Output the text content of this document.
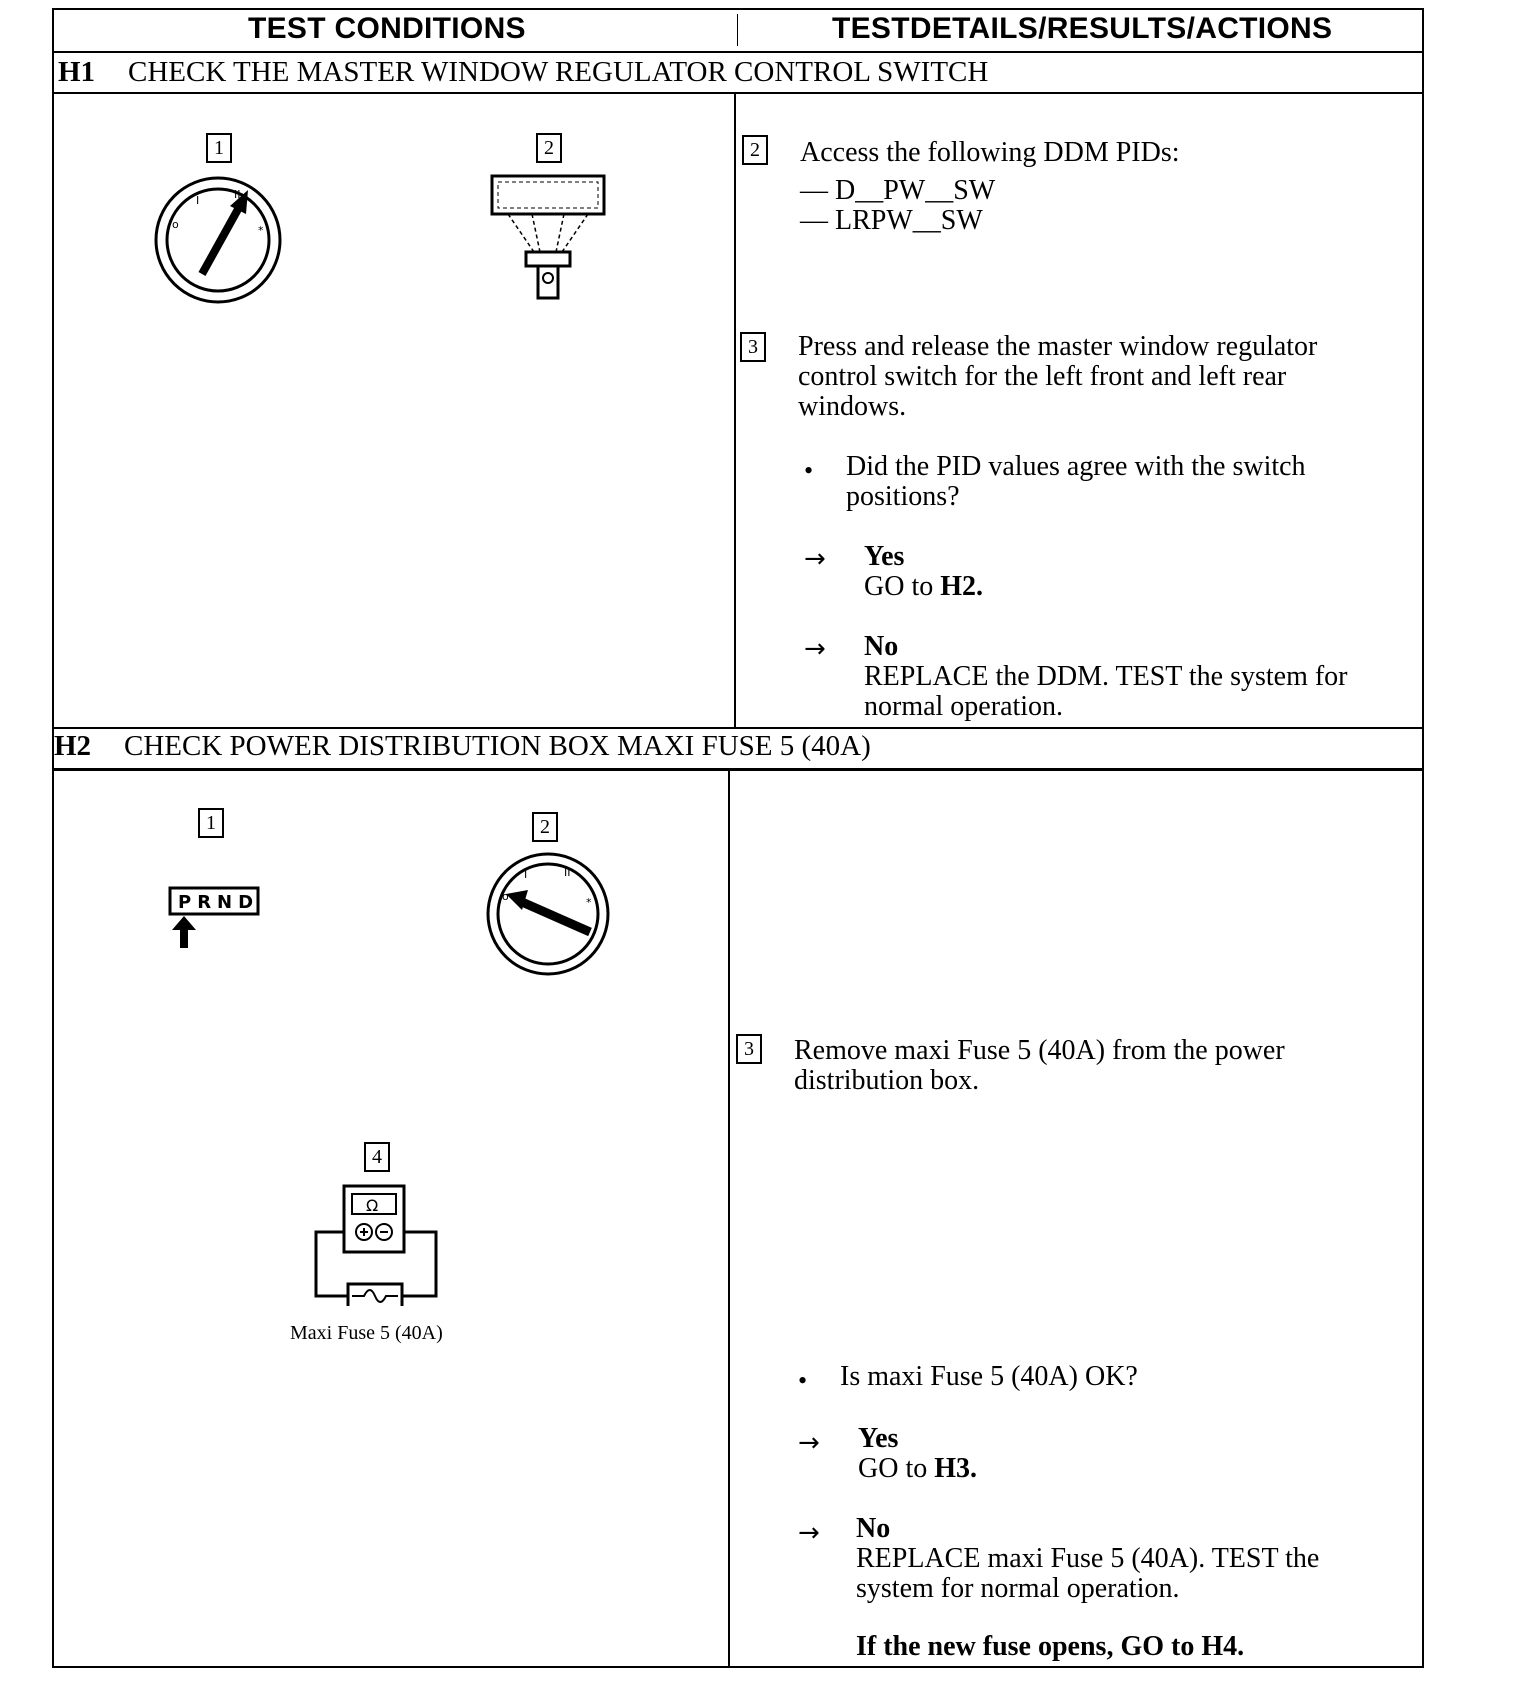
TEST CONDITIONS	TESTDETAILS/RESULTS/ACTIONS
H1 CHECK THE MASTER WINDOW REGULATOR CONTROL SWITCH
1
o
I	II
*
2	2 Access the following DDM PIDs:
— D__PW__SW
— LRPW__SW
3 Press and release the master window regulator control switch for the left front and left rear windows.
• Did the PID values agree with the switch positions?
→ Yes
GO to H2.
→ No
REPLACE the DDM. TEST the system for normal operation.
H2 CHECK POWER DISTRIBUTION BOX MAXI FUSE 5 (40A)
1
PRND
2
o
I	II
*
4
Ω
Maxi Fuse 5 (40A)
3 Remove maxi Fuse 5 (40A) from the power distribution box.
• Is maxi Fuse 5 (40A) OK?
→ Yes
GO to H3.
→ No
REPLACE maxi Fuse 5 (40A). TEST the system for normal operation.
If the new fuse opens, GO to H4.
